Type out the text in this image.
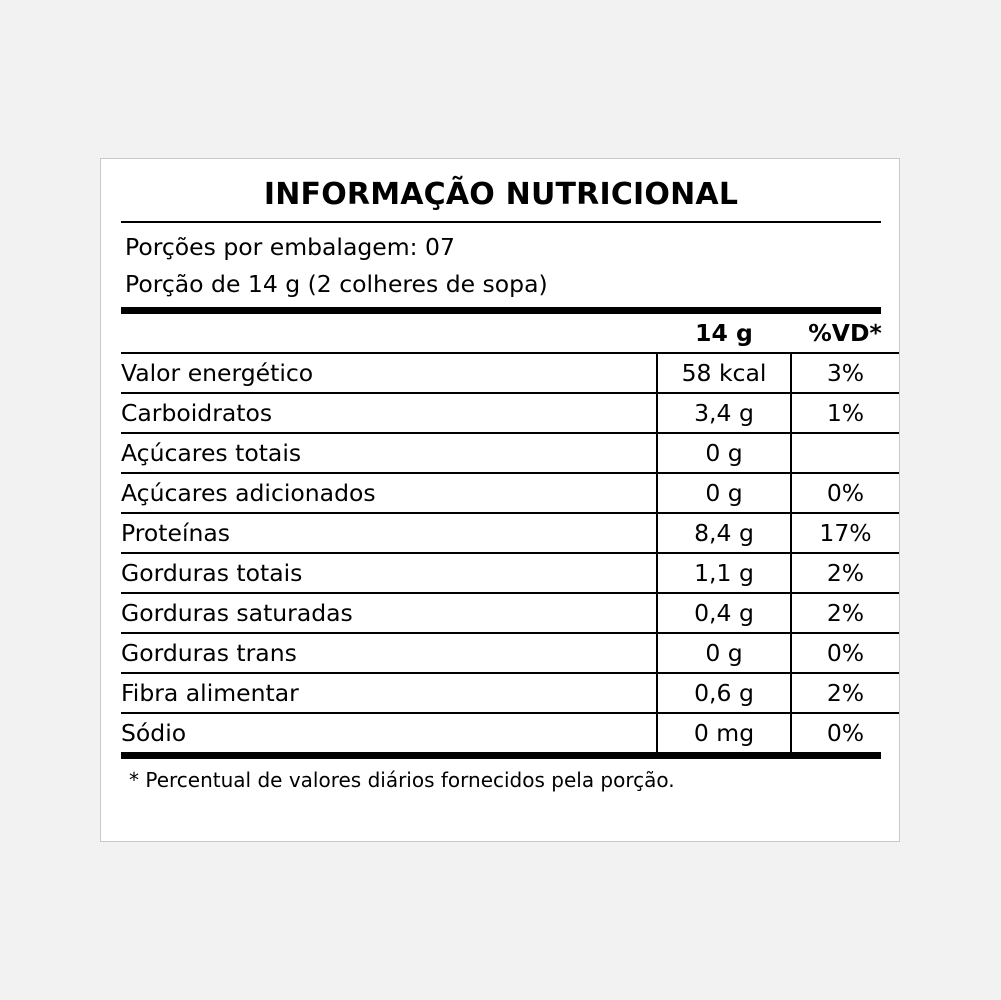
INFORMAÇÃO NUTRICIONAL
Porções por embalagem: 07
Porção de 14 g (2 colheres de sopa)
	14 g	%VD*
Valor energético	58 kcal	3%
Carboidratos	3,4 g	1%
Açúcares totais	0 g	
Açúcares adicionados	0 g	0%
Proteínas	8,4 g	17%
Gorduras totais	1,1 g	2%
Gorduras saturadas	0,4 g	2%
Gorduras trans	0 g	0%
Fibra alimentar	0,6 g	2%
Sódio	0 mg	0%
* Percentual de valores diários fornecidos pela porção.
